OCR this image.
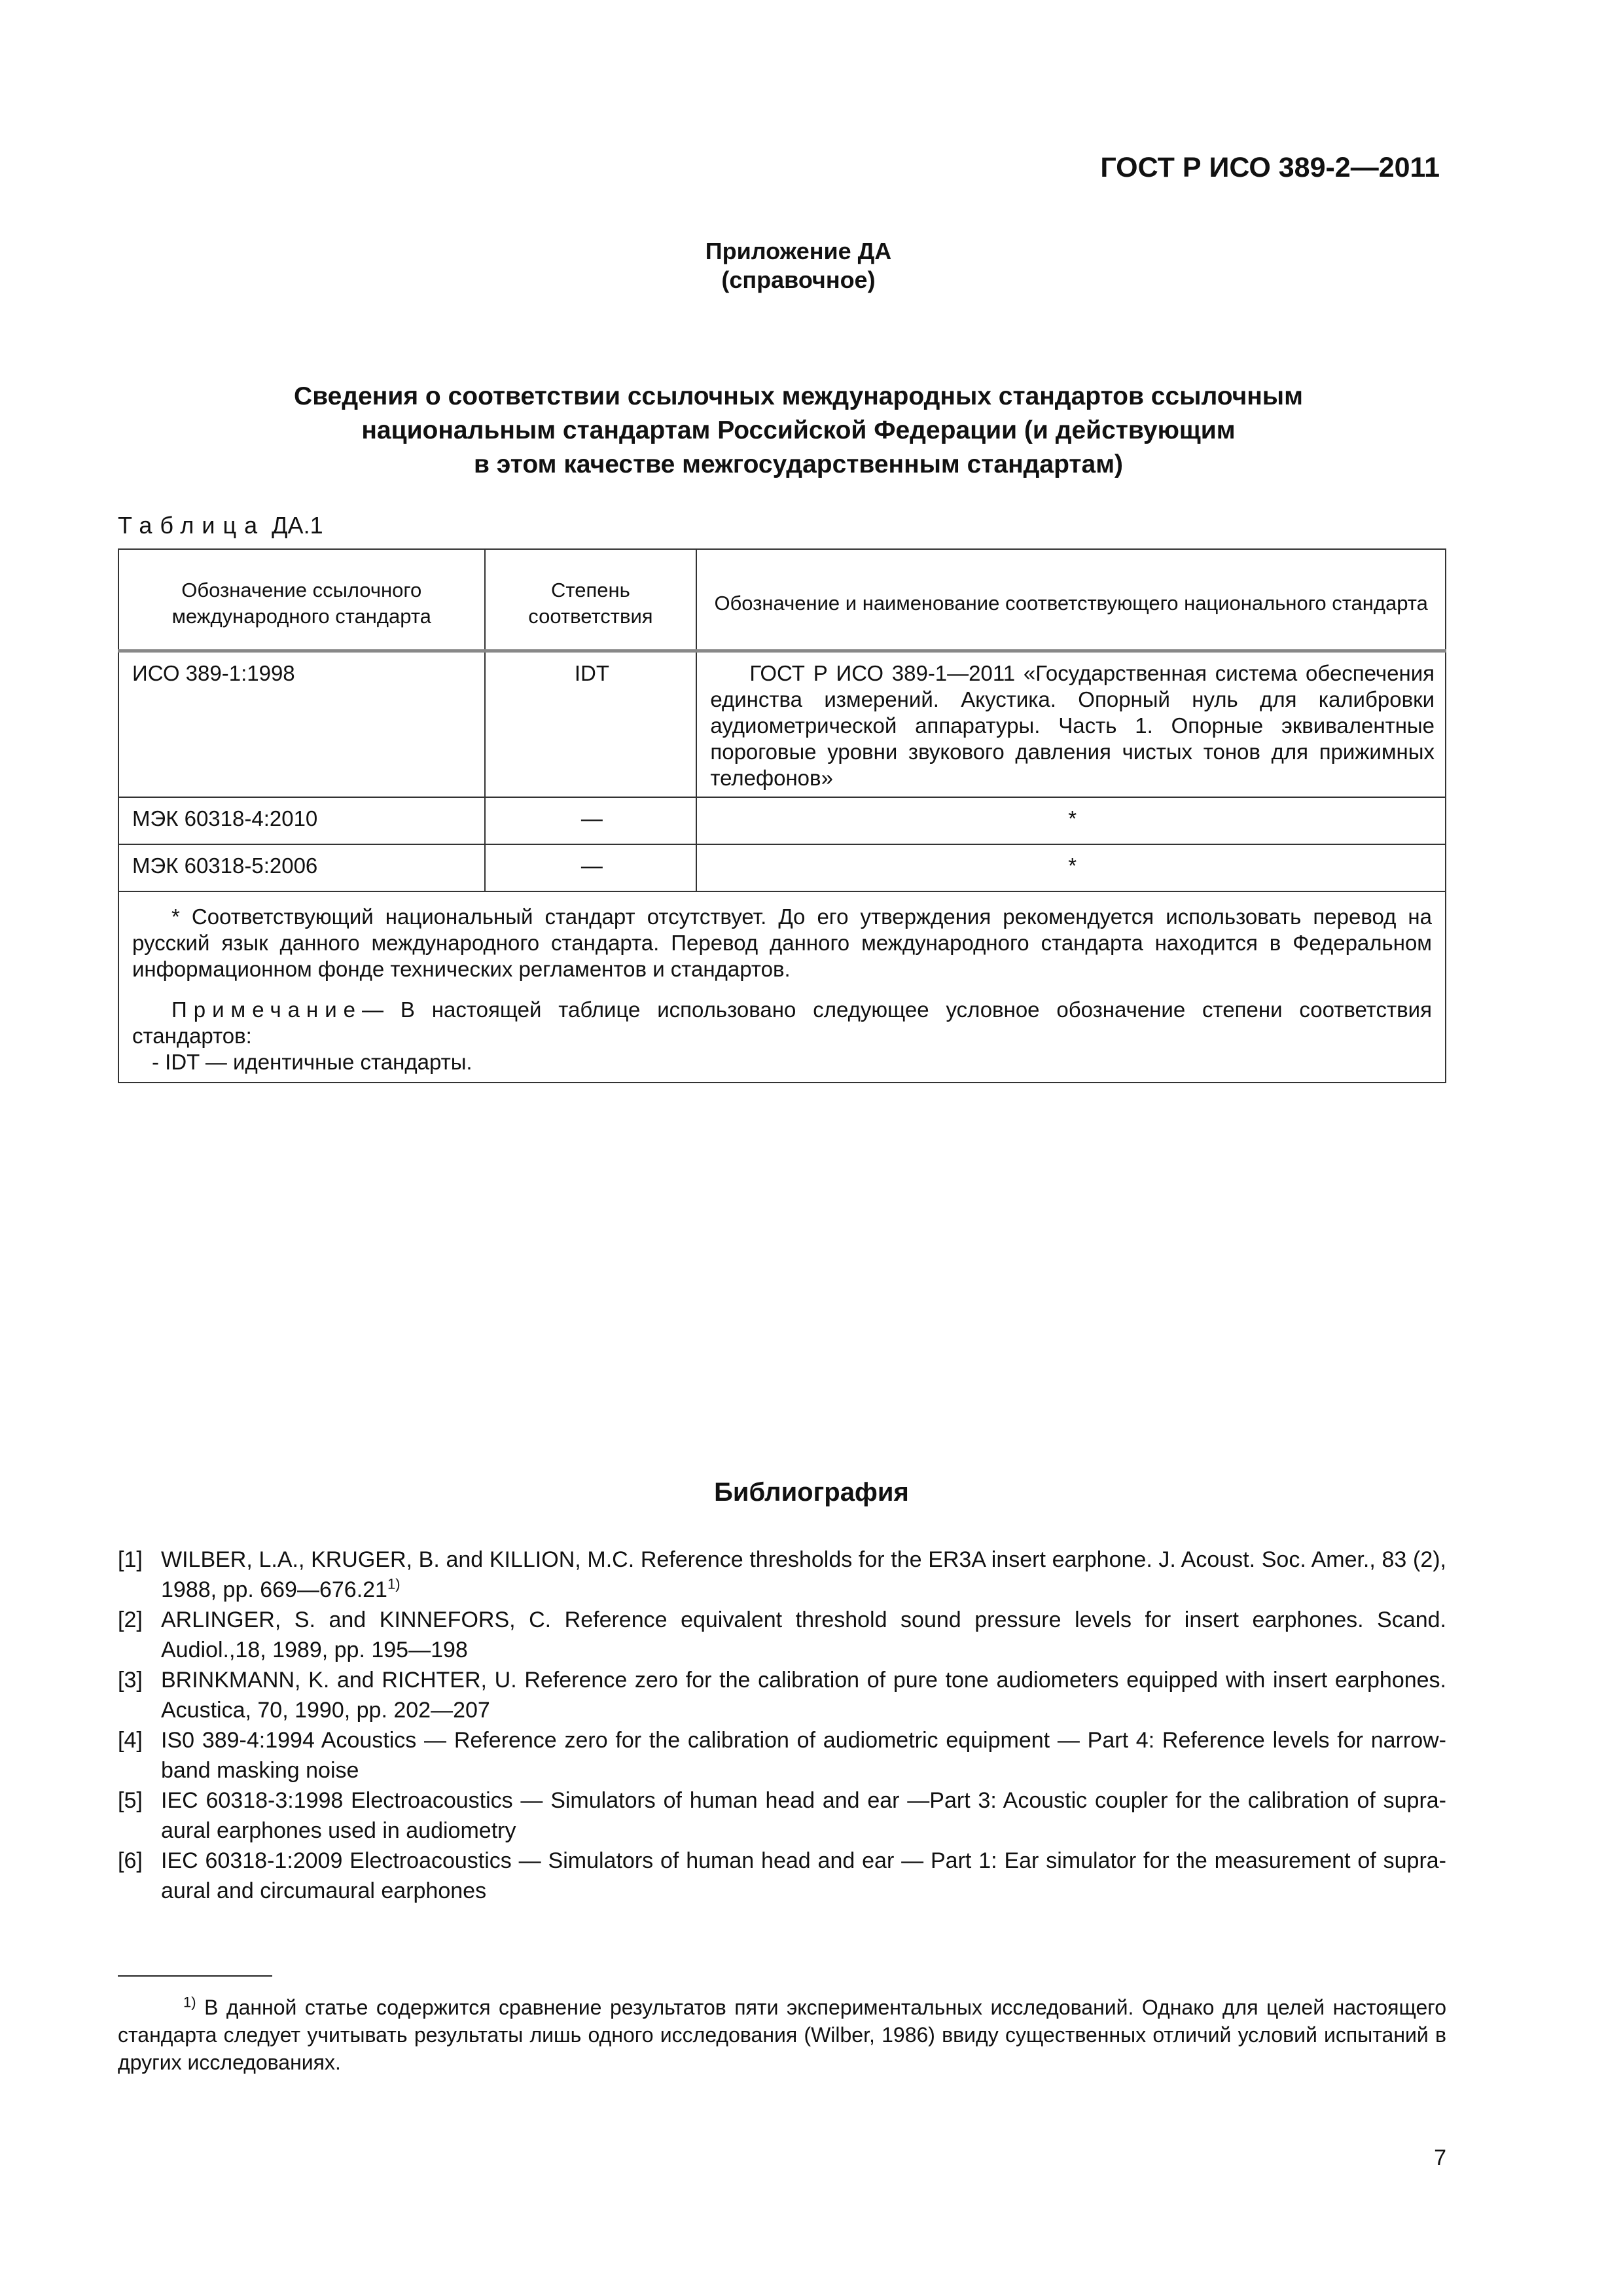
ГОСТ Р ИСО 389-2—2011
Приложение ДА
(справочное)
Сведения о соответствии ссылочных международных стандартов ссылочным
национальным стандартам Российской Федерации (и действующим
в этом качестве межгосударственным стандартам)
Таблица ДА.1
Обозначение ссылочного международного стандарта	Степень соответствия	Обозначение и наименование соответствующего национального стандарта
ИСО 389-1:1998	IDT	ГОСТ Р ИСО 389-1—2011 «Государственная система обеспечения единства измерений. Акустика. Опорный нуль для калибровки аудиометрической аппаратуры. Часть 1. Опорные эквивалентные пороговые уровни звукового давления чистых тонов для прижимных телефонов»

МЭК 60318-4:2010	—	*
МЭК 60318-5:2006	—	*

* Соответствующий национальный стандарт отсутствует. До его утверждения рекомендуется использовать перевод на русский язык данного международного стандарта. Перевод данного международного стандарта находится в Федеральном информационном фонде технических регламентов и стандартов.

Примечание— В настоящей таблице использовано следующее условное обозначение степени соответствия стандартов:

- IDT — идентичные стандарты.		

Библиография
[1] WILBER, L.A., KRUGER, B. and KILLION, M.C. Reference thresholds for the ER3A insert earphone. J. Acoust. Soc. Amer., 83 (2), 1988, pp. 669—676.21$^{1)}$
[2] ARLINGER, S. and KINNEFORS, C. Reference equivalent threshold sound pressure levels for insert earphones. Scand. Audiol.,18, 1989, pp. 195—198
[3] BRINKMANN, K. and RICHTER, U. Reference zero for the calibration of pure tone audiometers equipped with insert earphones. Acustica, 70, 1990, pp. 202—207
[4] IS0 389-4:1994 Acoustics — Reference zero for the calibration of audiometric equipment — Part 4: Reference levels for narrow-band masking noise
[5] IEC 60318-3:1998 Electroacoustics — Simulators of human head and ear —Part 3: Acoustic coupler for the calibration of supra-aural earphones used in audiometry
[6] IEC 60318-1:2009 Electroacoustics — Simulators of human head and ear — Part 1: Ear simulator for the measurement of supra-aural and circumaural earphones
$^{1)}$ В данной статье содержится сравнение результатов пяти экспериментальных исследований. Однако для целей настоящего стандарта следует учитывать результаты лишь одного исследования (Wilber, 1986) ввиду существенных отличий условий испытаний в других исследованиях.
7
